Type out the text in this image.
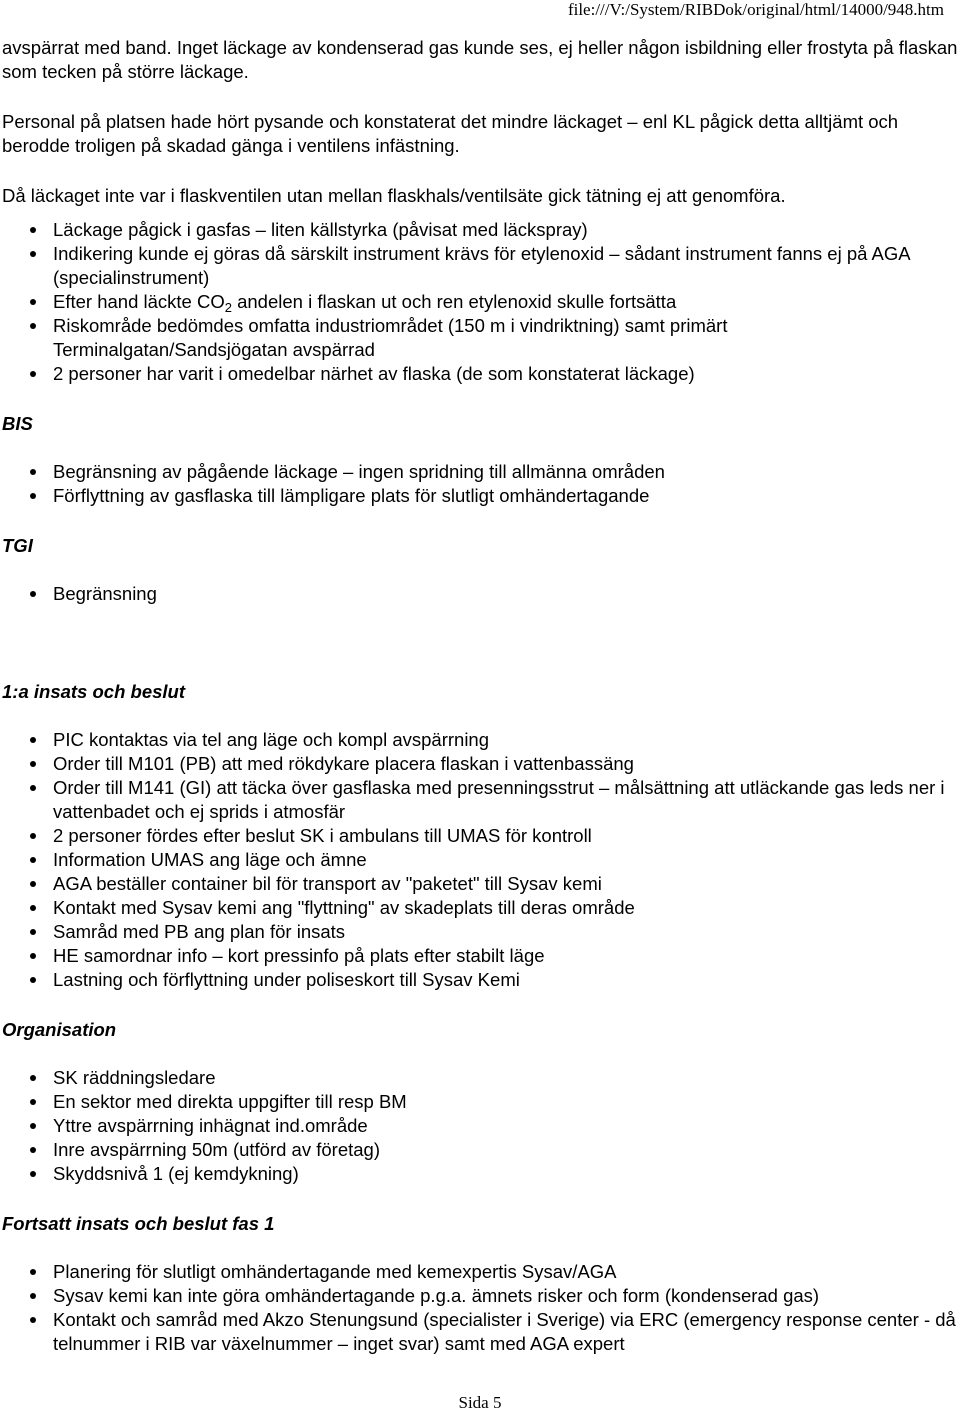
file:///V:/System/RIBDok/original/html/14000/948.htm

avspärrat med band. Inget läckage av kondenserad gas kunde ses, ej heller någon isbildning eller frostyta på flaskan som tecken på större läckage.

Personal på platsen hade hört pysande och konstaterat det mindre läckaget – enl KL pågick detta alltjämt och berodde troligen på skadad gänga i ventilens infästning.

Då läckaget inte var i flaskventilen utan mellan flaskhals/ventilsäte gick tätning ej att genomföra.

Läckage pågick i gasfas – liten källstyrka (påvisat med läckspray)
Indikering kunde ej göras då särskilt instrument krävs för etylenoxid – sådant instrument fanns ej på AGA (specialinstrument)
Efter hand läckte $CO_2$ andelen i flaskan ut och ren etylenoxid skulle fortsätta
Riskområde bedömdes omfatta industriområdet (150 m i vindriktning) samt primärt Terminalgatan/Sandsjögatan avspärrad
2 personer har varit i omedelbar närhet av flaska (de som konstaterat läckage)
BIS
Begränsning av pågående läckage – ingen spridning till allmänna områden
Förflyttning av gasflaska till lämpligare plats för slutligt omhändertagande
TGI
Begränsning
1:a insats och beslut
PIC kontaktas via tel ang läge och kompl avspärrning
Order till M101 (PB) att med rökdykare placera flaskan i vattenbassäng
Order till M141 (GI) att täcka över gasflaska med presenningsstrut – målsättning att utläckande gas leds ner i vattenbadet och ej sprids i atmosfär
2 personer fördes efter beslut SK i ambulans till UMAS för kontroll
Information UMAS ang läge och ämne
AGA beställer container bil för transport av "paketet" till Sysav kemi
Kontakt med Sysav kemi ang "flyttning" av skadeplats till deras område
Samråd med PB ang plan för insats
HE samordnar info – kort pressinfo på plats efter stabilt läge
Lastning och förflyttning under poliseskort till Sysav Kemi
Organisation
SK räddningsledare
En sektor med direkta uppgifter till resp BM
Yttre avspärrning inhägnat ind.område
Inre avspärrning 50m (utförd av företag)
Skyddsnivå 1 (ej kemdykning)
Fortsatt insats och beslut fas 1
Planering för slutligt omhändertagande med kemexpertis Sysav/AGA
Sysav kemi kan inte göra omhändertagande p.g.a. ämnets risker och form (kondenserad gas)
Kontakt och samråd med Akzo Stenungsund (specialister i Sverige) via ERC (emergency response center - då telnummer i RIB var växelnummer – inget svar) samt med AGA expert
Sida 5
